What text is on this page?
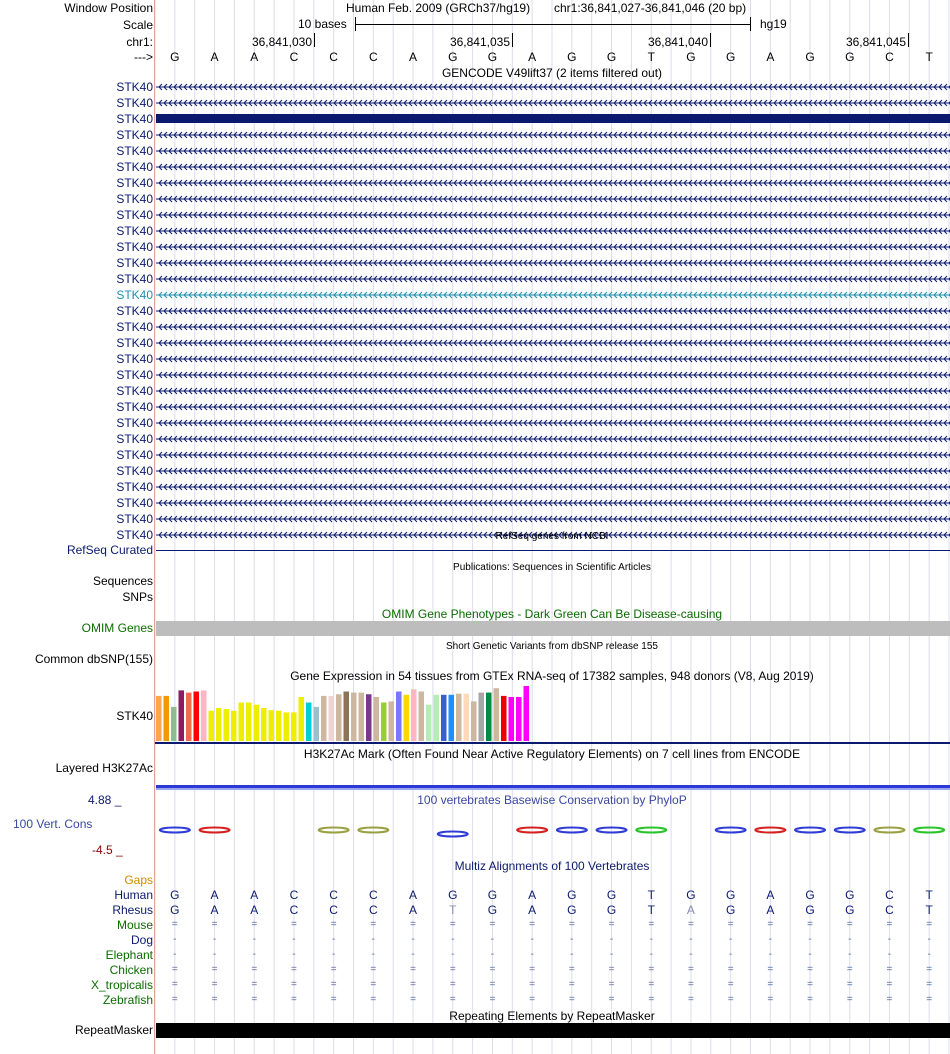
Window Position
Scale
chr1:
--->
Human Feb. 2009 (GRCh37/hg19) chr1:36,841,027-36,841,046 (20 bp)
10 bases	hg19
36,841,030	36,841,035	36,841,040	36,841,045
G	A	A	C	C	C	A	G	G	A	G	G	T	G	G	A	G	G	C	T
GENCODE V49lift37 (2 items filtered out)
STK40
STK40
STK40
STK40
STK40
STK40
STK40
STK40
STK40
STK40
STK40
STK40
STK40
STK40
STK40
STK40
STK40
STK40
STK40
STK40
STK40
STK40
STK40
STK40
STK40
STK40
STK40
STK40
STK40	RefSeq genes from NCBI
RefSeq Curated
Publications: Sequences in Scientific Articles
Sequences
SNPs
OMIM Gene Phenotypes - Dark Green Can Be Disease-causing
OMIM Genes
Short Genetic Variants from dbSNP release 155
Common dbSNP(155)
Gene Expression in 54 tissues from GTEx RNA-seq of 17382 samples, 948 donors (V8, Aug 2019)
STK40
H3K27Ac Mark (Often Found Near Active Regulatory Elements) on 7 cell lines from ENCODE
Layered H3K27Ac
100 vertebrates Basewise Conservation by PhyloP
4.88 _
100 Vert. Cons
-4.5 _
Multiz Alignments of 100 Vertebrates
Gaps
Human G	A	A	C	C	C	A	G	G	A	G	G	T	G	G	A	G	G	C	T
Rhesus G	A	A	C	C	C	A	T	G	A	G	G	T	A	G	A	G	G	C	T
Mouse =	=	=	=	=	=	=	=	=	=	=	=	=	=	=	=	=	=	=	=
Dog -	-	-	-	-	-	-	-	-	-	-	-	-	-	-	-	-	-	-	-
Elephant -	-	-	-	-	-	-	-	-	-	-	-	-	-	-	-	-	-	-	-
Chicken =	=	=	=	=	=	=	=	=	=	=	=	=	=	=	=	=	=	=	=
X_tropicalis =	=	=	=	=	=	=	=	=	=	=	=	=	=	=	=	=	=	=	=
Zebrafish =	=	=	=	=	=	=	=	=	=	=	=	=	=	=	=	=	=	=	=
Repeating Elements by RepeatMasker
RepeatMasker
